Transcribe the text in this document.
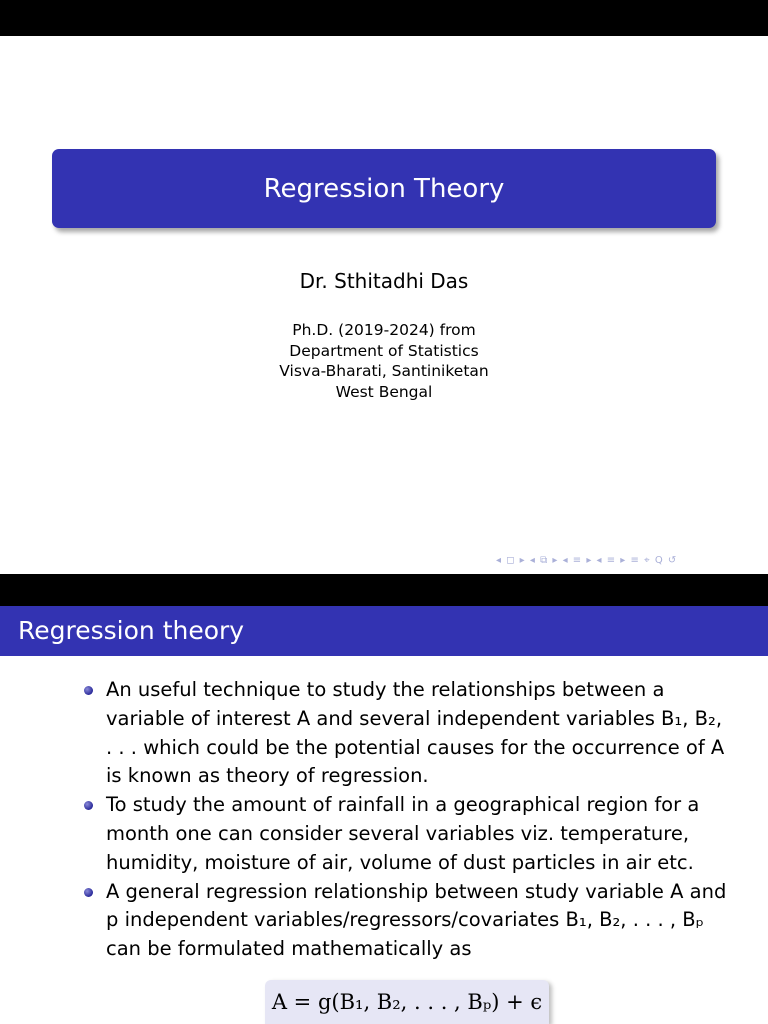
Regression Theory
Dr. Sthitadhi Das
Ph.D. (2019-2024) from
Department of Statistics
Visva-Bharati, Santiniketan
West Bengal
◂ ◻ ▸ ◂ ⧉ ▸ ◂ ≡ ▸ ◂ ≡ ▸ ≡ ⌖ Q ↺
Regression theory
An useful technique to study the relationships between a variable of interest A and several independent variables B₁, B₂, . . . which could be the potential causes for the occurrence of A is known as theory of regression.
To study the amount of rainfall in a geographical region for a month one can consider several variables viz. temperature, humidity, moisture of air, volume of dust particles in air etc.
A general regression relationship between study variable A and p independent variables/regressors/covariates B₁, B₂, . . . , Bₚ can be formulated mathematically as
A = g(B₁, B₂, . . . , Bₚ) + ϵ
